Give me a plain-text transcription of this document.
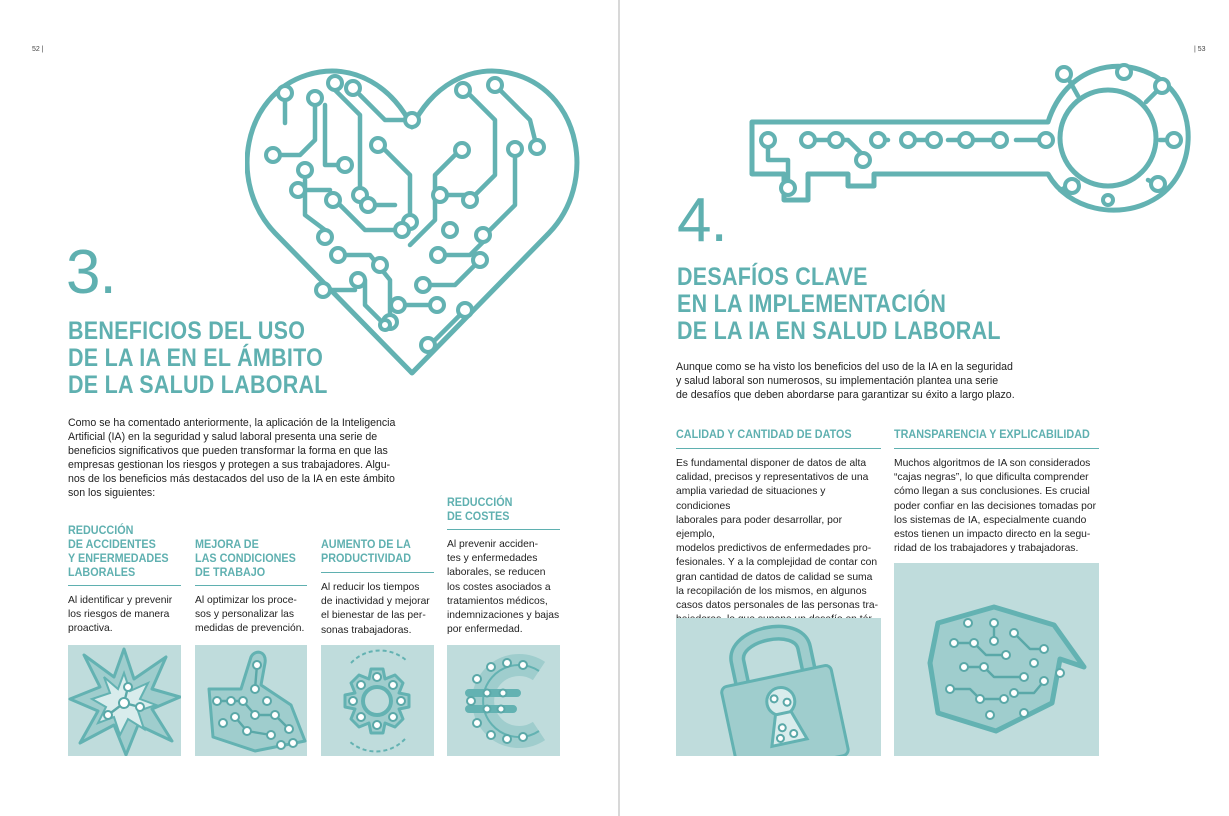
52 |
3.
BENEFICIOS DEL USO
DE LA IA EN EL ÁMBITO
DE LA SALUD LABORAL
Como se ha comentado anteriormente, la aplicación de la Inteligencia
Artificial (IA) en la seguridad y salud laboral presenta una serie de
beneficios significativos que pueden transformar la forma en que las
empresas gestionan los riesgos y protegen a sus trabajadores. Algu-
nos de los beneficios más destacados del uso de la IA en este ámbito
son los siguientes:
REDUCCIÓN
DE ACCIDENTES
Y ENFERMEDADES
LABORALES
Al identificar y prevenir
los riesgos de manera
proactiva.
MEJORA DE
LAS CONDICIONES
DE TRABAJO
Al optimizar los proce-
sos y personalizar las
medidas de prevención.
AUMENTO DE LA
PRODUCTIVIDAD
Al reducir los tiempos
de inactividad y mejorar
el bienestar de las per-
sonas trabajadoras.
REDUCCIÓN
DE COSTES
Al prevenir acciden-
tes y enfermedades
laborales, se reducen
los costes asociados a
tratamientos médicos,
indemnizaciones y bajas
por enfermedad.
| 53
4.
DESAFÍOS CLAVE
EN LA IMPLEMENTACIÓN
DE LA IA EN SALUD LABORAL
Aunque como se ha visto los beneficios del uso de la IA en la seguridad
y salud laboral son numerosos, su implementación plantea una serie
de desafíos que deben abordarse para garantizar su éxito a largo plazo.
CALIDAD Y CANTIDAD DE DATOS
Es fundamental disponer de datos de alta
calidad, precisos y representativos de una
amplia variedad de situaciones y condiciones
laborales para poder desarrollar, por ejemplo,
modelos predictivos de enfermedades pro-
fesionales. Y a la complejidad de contar con
gran cantidad de datos de calidad se suma
la recopilación de los mismos, en algunos
casos datos personales de las personas tra-
TRANSPARENCIA Y EXPLICABILIDAD
Muchos algoritmos de IA son considerados
“cajas negras”, lo que dificulta comprender
cómo llegan a sus conclusiones. Es crucial
poder confiar en las decisiones tomadas por
los sistemas de IA, especialmente cuando
estos tienen un impacto directo en la segu-
ridad de los trabajadores y trabajadoras.
